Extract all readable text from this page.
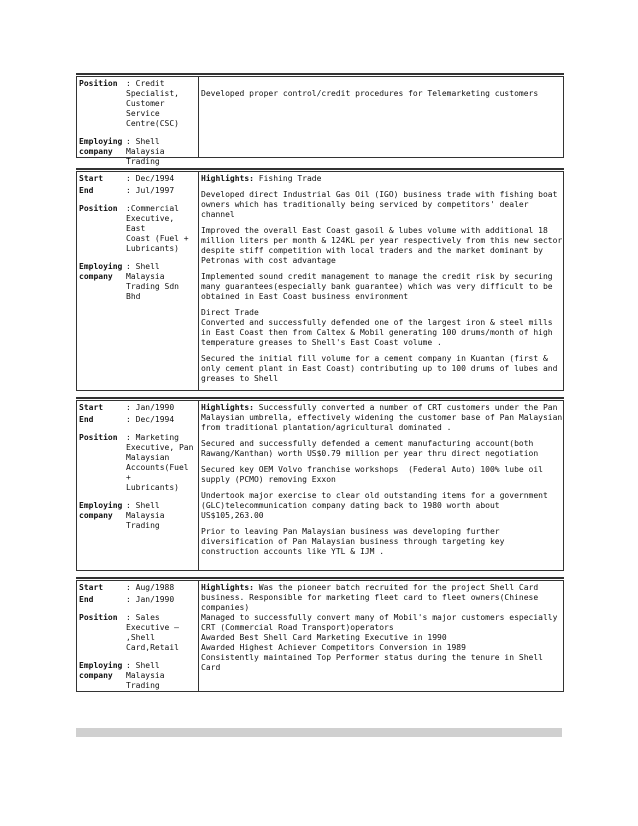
Position	: Credit
Specialist,
Customer
Service
Centre(CSC)
Employing
company
: Shell
Malaysia
Trading

Developed proper control/credit procedures for Telemarketing customers
Start	: Dec/1994
End	: Jul/1997
Position	:Commercial
Executive, East
Coast (Fuel +
Lubricants)
Employing
company
: Shell
Malaysia
Trading Sdn Bhd
Highlights: Fishing Trade
Developed direct Industrial Gas Oil (IGO) business trade with fishing boat owners which has traditionally being serviced by competitors' dealer channel
Improved the overall East Coast gasoil & lubes volume with additional 18 million liters per month & 124KL per year respectively from this new sector despite stiff competition with local traders and the market dominant by Petronas with cost advantage
Implemented sound credit management to manage the credit risk by securing many guarantees(especially bank guarantee) which was very difficult to be obtained in East Coast business environment
Direct Trade
Converted and successfully defended one of the largest iron & steel mills in East Coast then from Caltex & Mobil generating 100 drums/month of high temperature greases to Shell's East Coast volume .
Secured the initial fill volume for a cement company in Kuantan (first & only cement plant in East Coast) contributing up to 100 drums of lubes and greases to Shell
Start	: Jan/1990
End	: Dec/1994
Position	: Marketing
Executive, Pan
Malaysian
Accounts(Fuel +
Lubricants)
Employing
company
: Shell
Malaysia
Trading
Highlights: Successfully converted a number of CRT customers under the Pan Malaysian umbrella, effectively widening the customer base of Pan Malaysian from traditional plantation/agricultural dominated .
Secured and successfully defended a cement manufacturing account(both Rawang/Kanthan) worth US$0.79 million per year thru direct negotiation
Secured key OEM Volvo franchise workshops  (Federal Auto) 100% lube oil supply (PCMO) removing Exxon
Undertook major exercise to clear old outstanding items for a government (GLC)telecommunication company dating back to 1980 worth about US$105,263.00
Prior to leaving Pan Malaysian business was developing further diversification of Pan Malaysian business through targeting key construction accounts like YTL & IJM .
Start	: Aug/1988
End	: Jan/1990
Position	: Sales
Executive –
,Shell
Card,Retail
Employing
company
: Shell
Malaysia
Trading
Highlights: Was the pioneer batch recruited for the project Shell Card business. Responsible for marketing fleet card to fleet owners(Chinese companies)
Managed to successfully convert many of Mobil's major customers especially CRT (Commercial Road Transport)operators
Awarded Best Shell Card Marketing Executive in 1990
Awarded Highest Achiever Competitors Conversion in 1989
Consistently maintained Top Performer status during the tenure in Shell Card
